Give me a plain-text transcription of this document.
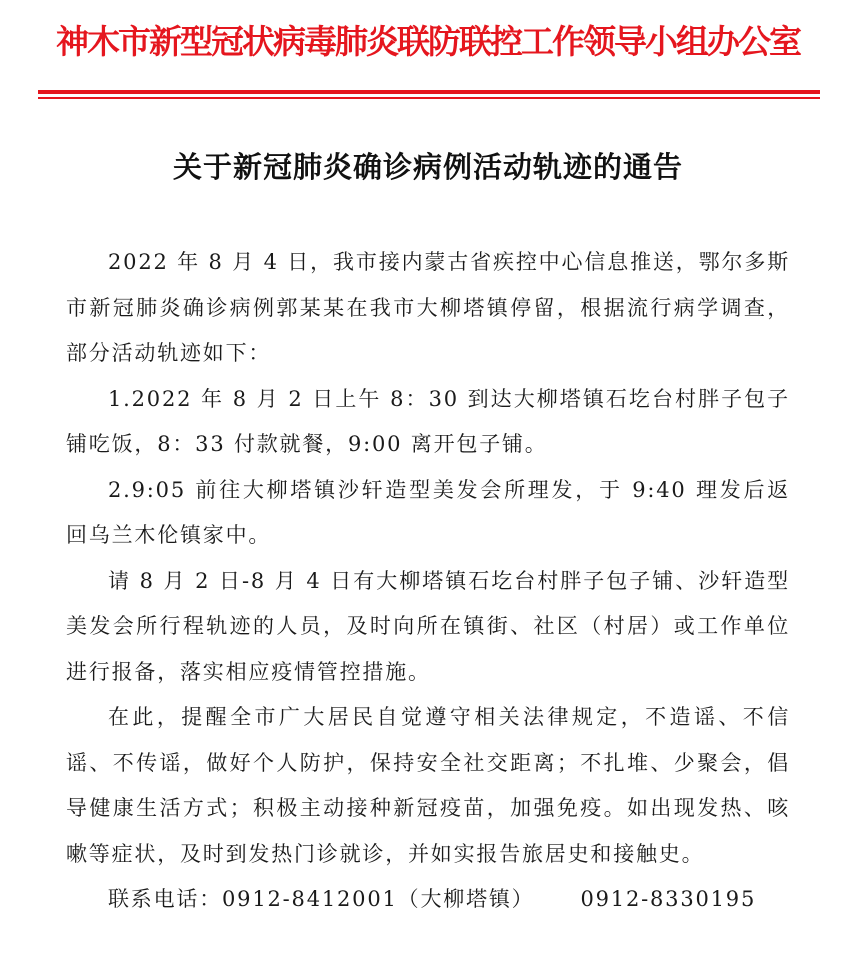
神木市新型冠状病毒肺炎联防联控工作领导小组办公室
关于新冠肺炎确诊病例活动轨迹的通告

2022 年 8 月 4 日，我市接内蒙古省疾控中心信息推送，鄂尔多斯市新冠肺炎确诊病例郭某某在我市大柳塔镇停留，根据流行病学调查，部分活动轨迹如下：

1.2022 年 8 月 2 日上午 8：30 到达大柳塔镇石圪台村胖子包子铺吃饭，8：33 付款就餐，9:00 离开包子铺。

2.9:05 前往大柳塔镇沙轩造型美发会所理发，于 9:40 理发后返回乌兰木伦镇家中。

请 8 月 2 日-8 月 4 日有大柳塔镇石圪台村胖子包子铺、沙轩造型美发会所行程轨迹的人员，及时向所在镇街、社区（村居）或工作单位进行报备，落实相应疫情管控措施。

在此，提醒全市广大居民自觉遵守相关法律规定，不造谣、不信谣、不传谣，做好个人防护，保持安全社交距离；不扎堆、少聚会，倡导健康生活方式；积极主动接种新冠疫苗，加强免疫。如出现发热、咳嗽等症状，及时到发热门诊就诊，并如实报告旅居史和接触史。

联系电话：0912-8412001（大柳塔镇） 0912-8330195
